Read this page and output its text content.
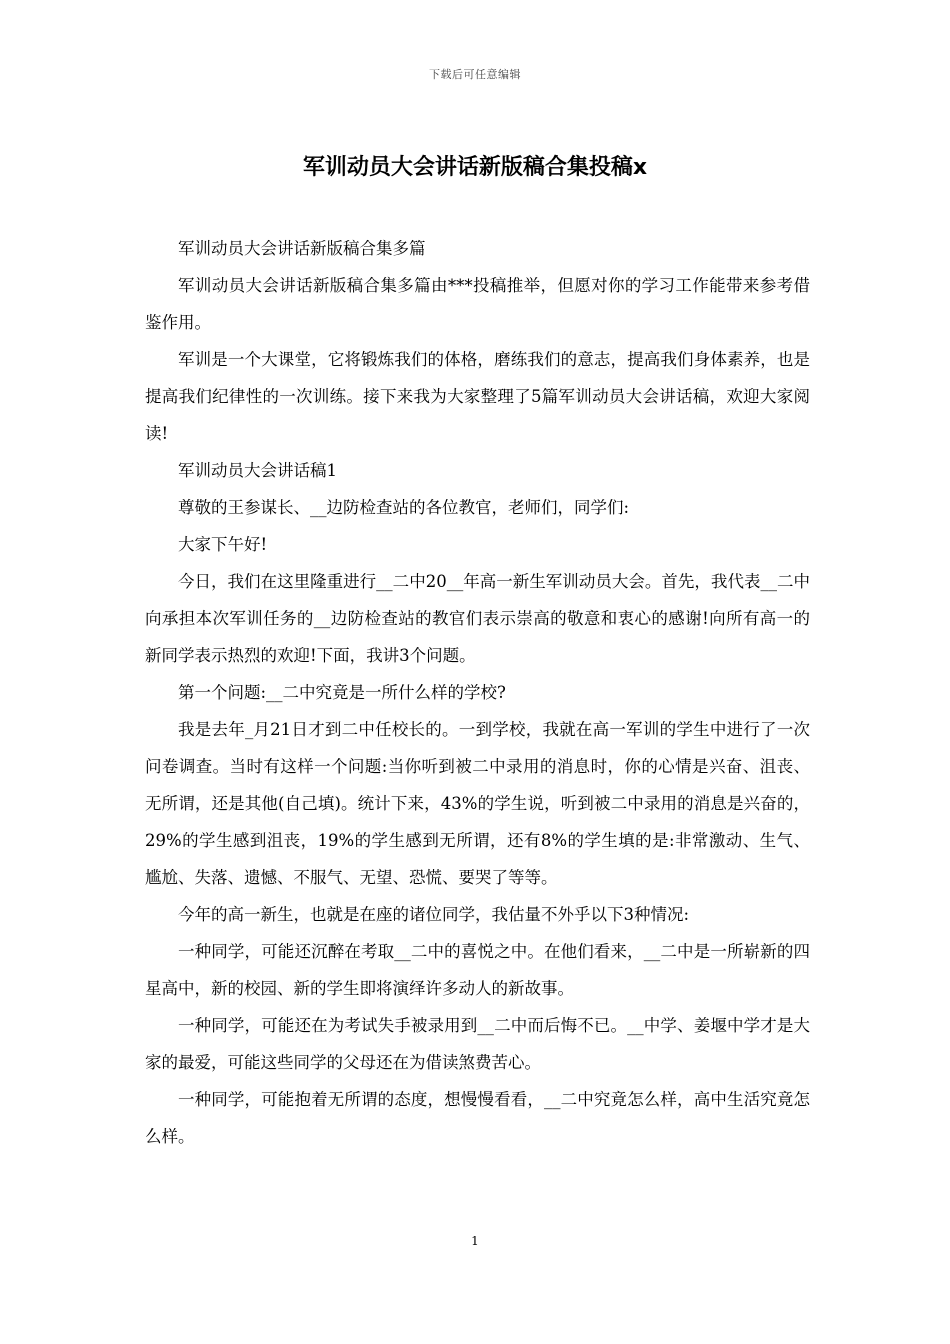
下载后可任意编辑
军训动员大会讲话新版稿合集投稿x

军训动员大会讲话新版稿合集多篇

军训动员大会讲话新版稿合集多篇由***投稿推举，但愿对你的学习工作能带来参考借鉴作用。

军训是一个大课堂，它将锻炼我们的体格，磨练我们的意志，提高我们身体素养，也是提高我们纪律性的一次训练。接下来我为大家整理了5篇军训动员大会讲话稿，欢迎大家阅读!

军训动员大会讲话稿1

尊敬的王参谋长、__边防检查站的各位教官，老师们，同学们:

大家下午好!

今日，我们在这里隆重进行__二中20__年高一新生军训动员大会。首先，我代表__二中向承担本次军训任务的__边防检查站的教官们表示崇高的敬意和衷心的感谢!向所有高一的新同学表示热烈的欢迎!下面，我讲3个问题。

第一个问题:__二中究竟是一所什么样的学校?

我是去年_月21日才到二中任校长的。一到学校，我就在高一军训的学生中进行了一次问卷调查。当时有这样一个问题:当你听到被二中录用的消息时，你的心情是兴奋、沮丧、无所谓，还是其他(自己填)。统计下来，43%的学生说，听到被二中录用的消息是兴奋的，29%的学生感到沮丧，19%的学生感到无所谓，还有8%的学生填的是:非常激动、生气、尴尬、失落、遗憾、不服气、无望、恐慌、要哭了等等。

今年的高一新生，也就是在座的诸位同学，我估量不外乎以下3种情况:

一种同学，可能还沉醉在考取__二中的喜悦之中。在他们看来，__二中是一所崭新的四星高中，新的校园、新的学生即将演绎许多动人的新故事。

一种同学，可能还在为考试失手被录用到__二中而后悔不已。__中学、姜堰中学才是大家的最爱，可能这些同学的父母还在为借读煞费苦心。

一种同学，可能抱着无所谓的态度，想慢慢看看，__二中究竟怎么样，高中生活究竟怎么样。

1
